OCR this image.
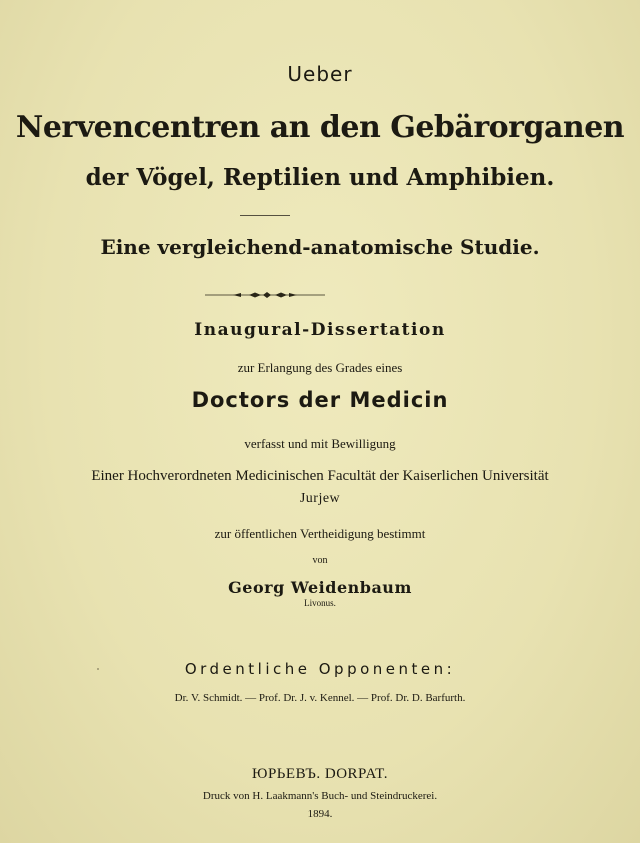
Ueber
Nervencentren an den Gebärorganen
der Vögel, Reptilien und Amphibien.
Eine vergleichend-anatomische Studie.
Inaugural-Dissertation
zur Erlangung des Grades eines
Doctors der Medicin
verfasst und mit Bewilligung
Einer Hochverordneten Medicinischen Facultät der Kaiserlichen Universität
Jurjew
zur öffentlichen Vertheidigung bestimmt
von
Georg Weidenbaum
Livonus.
Ordentliche Opponenten:
Dr. V. Schmidt. — Prof. Dr. J. v. Kennel. — Prof. Dr. D. Barfurth.
ЮРЬЕВЪ. DORPAT.
Druck von H. Laakmann's Buch- und Steindruckerei.
1894.
